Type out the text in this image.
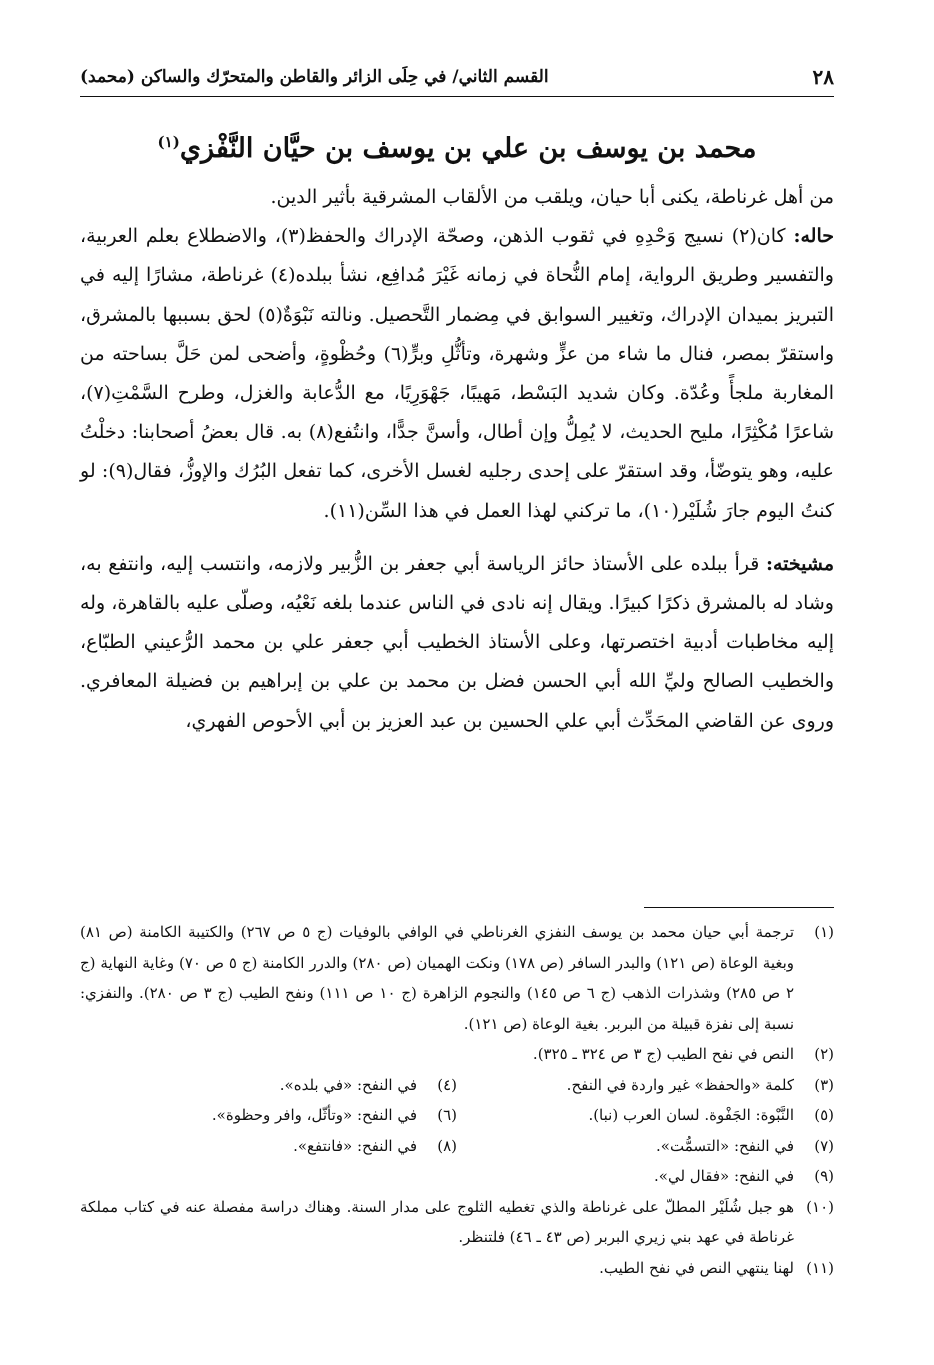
٢٨
القسم الثاني/ في حِلَى الزائر والقاطن والمتحرّك والساكن (محمد)
محمد بن يوسف بن علي بن يوسف بن حيَّان النَّفْزي$^{(١)}$

من أهل غرناطة، يكنى أبا حيان، ويلقب من الألقاب المشرقية بأثير الدين.

حاله: كان(٢) نسيج وَحْدِهِ في ثقوب الذهن، وصحّة الإدراك والحفظ(٣)، والاضطلاع بعلم العربية، والتفسير وطريق الرواية، إمام النُّحاة في زمانه غَيْرَ مُدافِع، نشأ ببلده(٤) غرناطة، مشارًا إليه في التبريز بميدان الإدراك، وتغيير السوابق في مِضمار التَّحصيل. ونالته نَبْوَةٌ(٥) لحق بسببها بالمشرق، واستقرّ بمصر، فنال ما شاء من عزٍّ وشهرة، وتأثُّلِ وبرٍّ(٦) وحُظْوةٍ، وأضحى لمن حَلَّ بساحته من المغاربة ملجأً وعُدّة. وكان شديد البَسْط، مَهيبًا، جَهْوَرِيًا، مع الدُّعابة والغزل، وطرح السَّمْتِ(٧)، شاعرًا مُكْثِرًا، مليح الحديث، لا يُمِلُّ وإن أطال، وأسنَّ جدًّا، وانتُفع(٨) به. قال بعضُ أصحابنا: دخلْتُ عليه، وهو يتوضّأ، وقد استقرّ على إحدى رجليه لغسل الأخرى، كما تفعل البُرُك والإوزُّ، فقال(٩): لو كنتُ اليوم جارَ شُلَيْر(١٠)، ما تركني لهذا العمل في هذا السِّن(١١).

مشيخته: قرأ ببلده على الأستاذ حائز الرياسة أبي جعفر بن الزُّبير ولازمه، وانتسب إليه، وانتفع به، وشاد له بالمشرق ذكرًا كبيرًا. ويقال إنه نادى في الناس عندما بلغه نَعْيُه، وصلّى عليه بالقاهرة، وله إليه مخاطبات أدبية اختصرتها، وعلى الأستاذ الخطيب أبي جعفر علي بن محمد الرُّعيني الطبّاع، والخطيب الصالح وليِّ الله أبي الحسن فضل بن محمد بن علي بن إبراهيم بن فضيلة المعافري. وروى عن القاضي المحَدِّث أبي علي الحسين بن عبد العزيز بن أبي الأحوص الفهري،

(١)
ترجمة أبي حيان محمد بن يوسف النفزي الغرناطي في الوافي بالوفيات (ج ٥ ص ٢٦٧) والكتيبة الكامنة (ص ٨١) وبغية الوعاة (ص ١٢١) والبدر السافر (ص ١٧٨) ونكت الهميان (ص ٢٨٠) والدرر الكامنة (ج ٥ ص ٧٠) وغاية النهاية (ج ٢ ص ٢٨٥) وشذرات الذهب (ج ٦ ص ١٤٥) والنجوم الزاهرة (ج ١٠ ص ١١١) ونفح الطيب (ج ٣ ص ٢٨٠). والنفزي: نسبة إلى نفزة قبيلة من البربر. بغية الوعاة (ص ١٢١).
(٢)
النص في نفح الطيب (ج ٣ ص ٣٢٤ ـ ٣٢٥).
(٣)
كلمة «والحفظ» غير واردة في النفح.
(٤)
في النفح: «في بلده».
(٥)
النَّبْوة: الجَفْوة. لسان العرب (نبا).
(٦)
في النفح: «وتأثّل، وافر وحظوة».
(٧)
في النفح: «التسمُّت».
(٨)
في النفح: «فانتفع».
(٩)
في النفح: «فقال لي».
(١٠)
هو جبل شُلَيْر المطلّ على غرناطة والذي تغطيه الثلوج على مدار السنة. وهناك دراسة مفصلة عنه في كتاب مملكة غرناطة في عهد بني زيري البربر (ص ٤٣ ـ ٤٦) فلتنظر.
(١١)
لهنا ينتهي النص في نفح الطيب.
